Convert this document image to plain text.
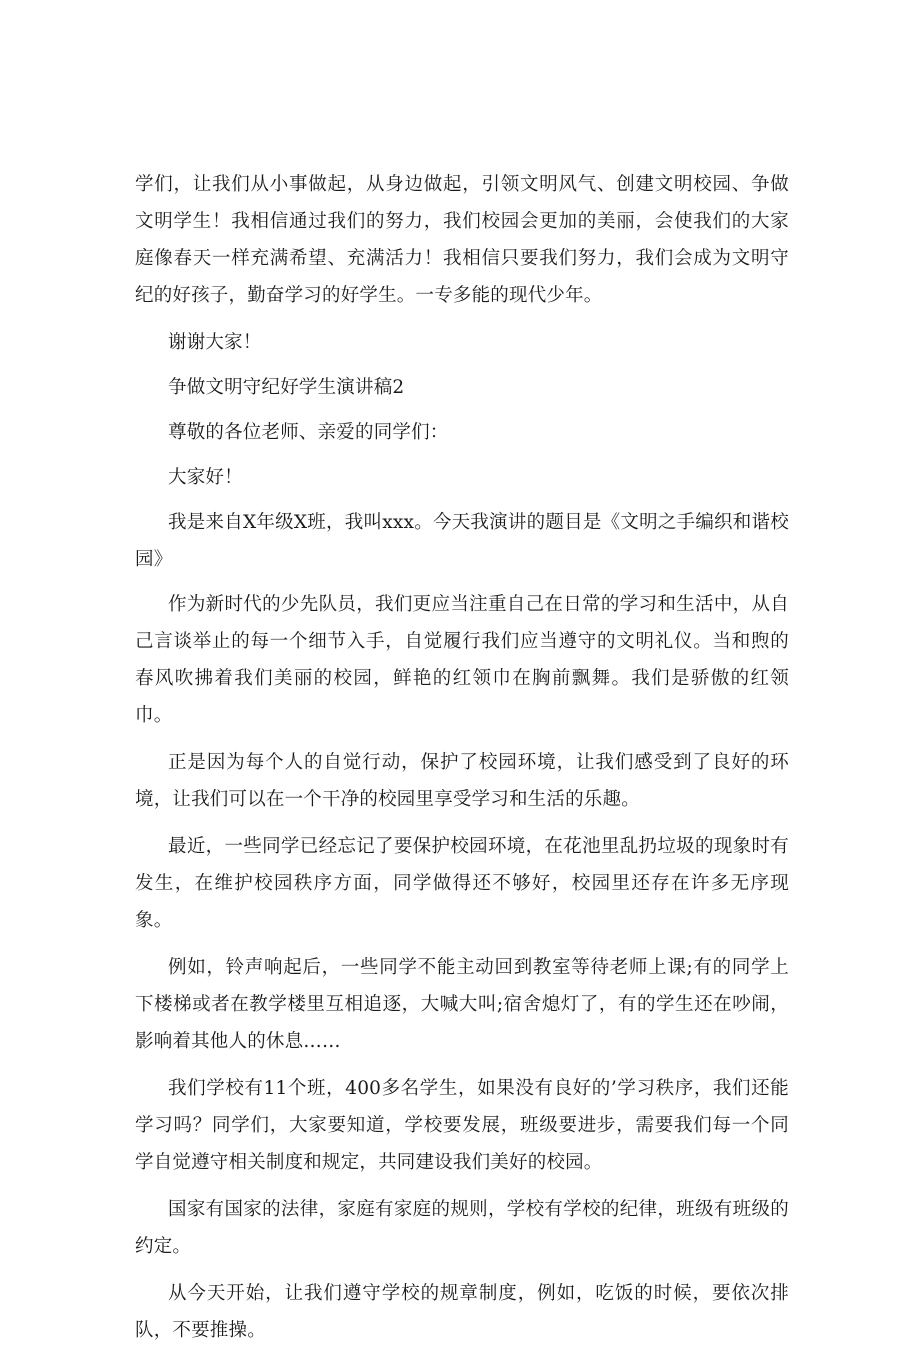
学们，让我们从小事做起，从身边做起，引领文明风气、创建文明校园、争做文明学生！我相信通过我们的努力，我们校园会更加的美丽，会使我们的大家庭像春天一样充满希望、充满活力！我相信只要我们努力，我们会成为文明守纪的好孩子，勤奋学习的好学生。一专多能的现代少年。

谢谢大家！

争做文明守纪好学生演讲稿2

尊敬的各位老师、亲爱的同学们：

大家好！

我是来自X年级X班，我叫xxx。今天我演讲的题目是《文明之手编织和谐校园》

作为新时代的少先队员，我们更应当注重自己在日常的学习和生活中，从自己言谈举止的每一个细节入手，自觉履行我们应当遵守的文明礼仪。当和煦的春风吹拂着我们美丽的校园，鲜艳的红领巾在胸前飘舞。我们是骄傲的红领巾。

正是因为每个人的自觉行动，保护了校园环境，让我们感受到了良好的环境，让我们可以在一个干净的校园里享受学习和生活的乐趣。

最近，一些同学已经忘记了要保护校园环境，在花池里乱扔垃圾的现象时有发生，在维护校园秩序方面，同学做得还不够好，校园里还存在许多无序现象。

例如，铃声响起后，一些同学不能主动回到教室等待老师上课;有的同学上下楼梯或者在教学楼里互相追逐，大喊大叫;宿舍熄灯了，有的学生还在吵闹，影响着其他人的休息……

我们学校有11个班，400多名学生，如果没有良好的’学习秩序，我们还能学习吗？同学们，大家要知道，学校要发展，班级要进步，需要我们每一个同学自觉遵守相关制度和规定，共同建设我们美好的校园。

国家有国家的法律，家庭有家庭的规则，学校有学校的纪律，班级有班级的约定。

从今天开始，让我们遵守学校的规章制度，例如，吃饭的时候，要依次排队，不要推操。
